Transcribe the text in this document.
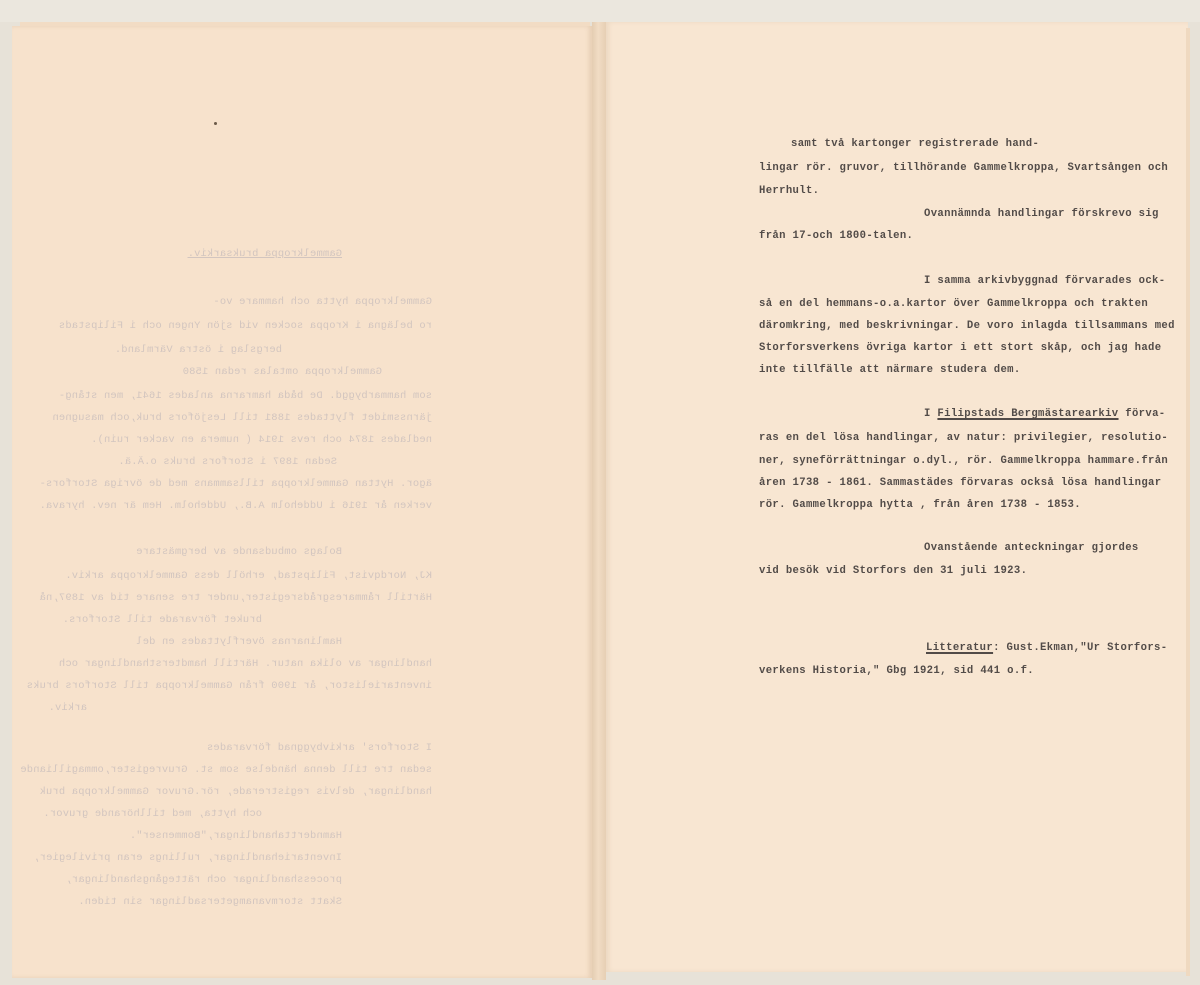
Gammelkroppa bruksarkiv.
Gammelkroppa hytta och hammare vo-
ro belägna i Kroppa socken vid sjön Yngen och i Filipstads
bergslag i östra Värmland.
Gammelkroppa omtalas redan 1580
som hammarbyggd. De båda hamrarna anlades 1641, men stång-
järnssmidet flyttades 1881 till Lesjöfors bruk,och masugnen
nedlades 1874 och revs 1914 ( numera en vacker ruin).
Sedan 1897 i Storfors bruks o.Ä.ä.
ägor. Hyttan Gammelkroppa tillsammans med de övriga Storfors-
verken år 1916 i Uddeholm A.B., Uddeholm. Hem är nev. hyrava.
Bolags ombudsande av bergmästare
KJ, Nordqvist, Filipstad, erhöll dess Gammelkroppa arkiv.
Härtill råmmaresgrådsregister,under tre senare tid av 1897,nå
bruket förvarade till Storfors.
Hamlinarnas överflyttades en del
handlingar av olika natur. Härtill hamdtersthandlingar och
inventarielistor, år 1900 från Gammelkroppa till Storfors bruks
arkiv.
I Storfors' arkivbyggnad förvarades
sedan tre till denna händelse som st. Gruvregister,ommagilliande
handlingar, delvis registrerade, rör.Gruvor Gammelkroppa bruk
och hytta, med tillhörande gruvor.
Hamnderttahandlingar,"Bommenser".
Inventariehandlingar, rullings eran privilegier,
processhandlingar och rättegångshandlingar,
Skatt stormvanamgetersadlingar sin tiden.
samt två kartonger registrerade hand-
lingar rör. gruvor, tillhörande Gammelkroppa, Svartsången och
Herrhult.
Ovannämnda handlingar förskrevo sig
från 17-och 1800-talen.
I samma arkivbyggnad förvarades ock-
så en del hemmans-o.a.kartor över Gammelkroppa och trakten
däromkring, med beskrivningar. De voro inlagda tillsammans med
Storforsverkens övriga kartor i ett stort skåp, och jag hade
inte tillfälle att närmare studera dem.
I Filipstads Bergmästarearkiv förva-
ras en del lösa handlingar, av natur: privilegier, resolutio-
ner, syneförrättningar o.dyl., rör. Gammelkroppa hammare.från
åren 1738 - 1861. Sammastädes förvaras också lösa handlingar
rör. Gammelkroppa hytta , från åren 1738 - 1853.
Ovanstående anteckningar gjordes
vid besök vid Storfors den 31 juli 1923.
Litteratur: Gust.Ekman,"Ur Storfors-
verkens Historia," Gbg 1921, sid 441 o.f.
